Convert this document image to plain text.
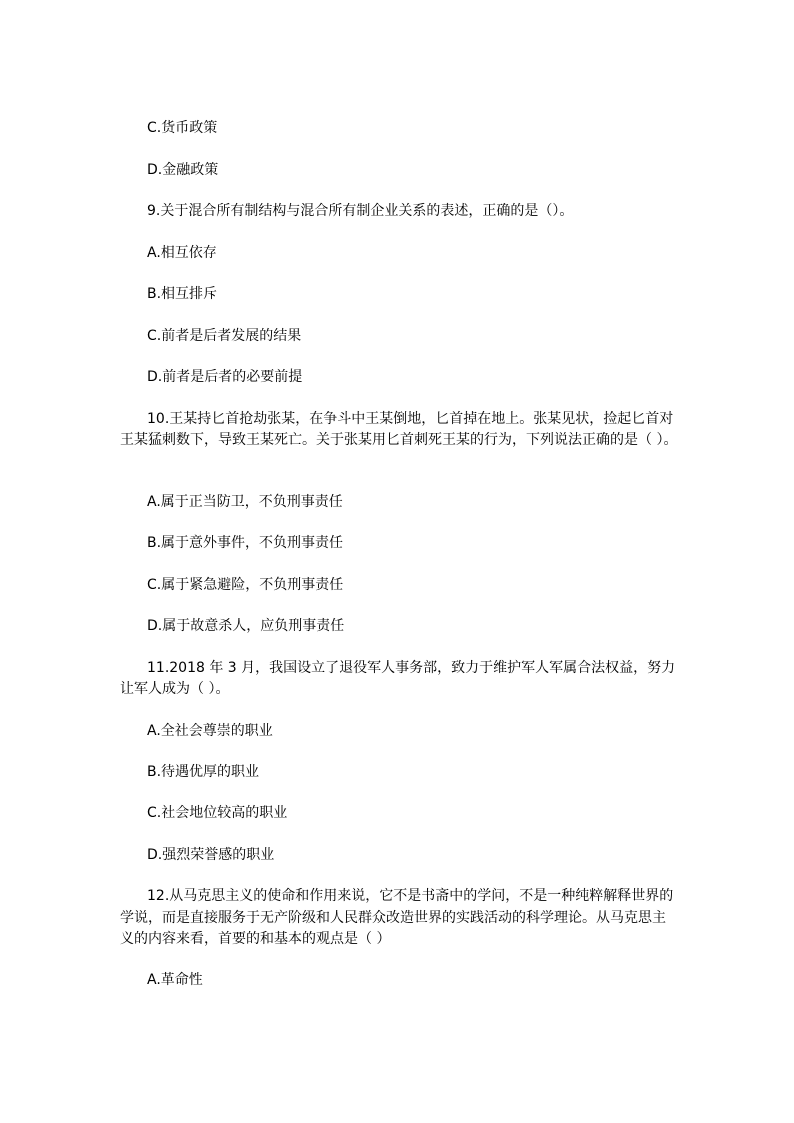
C.货币政策
D.金融政策
9.关于混合所有制结构与混合所有制企业关系的表述，正确的是（）。
A.相互依存
B.相互排斥
C.前者是后者发展的结果
D.前者是后者的必要前提
10.王某持匕首抢劫张某，在争斗中王某倒地，匕首掉在地上。张某见状，捡起匕首对
王某猛刺数下，导致王某死亡。关于张某用匕首刺死王某的行为，下列说法正确的是（ ）。
A.属于正当防卫，不负刑事责任
B.属于意外事件，不负刑事责任
C.属于紧急避险，不负刑事责任
D.属于故意杀人，应负刑事责任
11.2018 年 3 月，我国设立了退役军人事务部，致力于维护军人军属合法权益，努力
让军人成为（ ）。
A.全社会尊崇的职业
B.待遇优厚的职业
C.社会地位较高的职业
D.强烈荣誉感的职业
12.从马克思主义的使命和作用来说，它不是书斋中的学问，不是一种纯粹解释世界的
学说，而是直接服务于无产阶级和人民群众改造世界的实践活动的科学理论。从马克思主
义的内容来看，首要的和基本的观点是（ ）
A.革命性
